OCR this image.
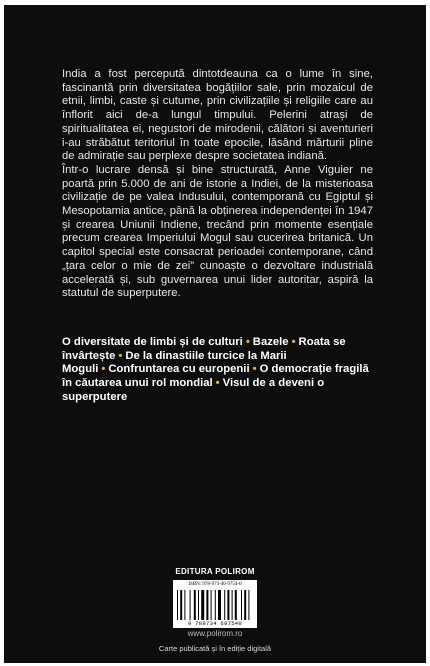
India a fost percepută dintotdeauna ca o lume în sine, fascinantă prin diversitatea bogățiilor sale, prin mozaicul de etnii, limbi, caste și cutume, prin civilizațiile și religiile care au înflorit aici de-a lungul timpului. Pelerini atrași de spiritualitatea ei, negustori de mirodenii, călători și aventurieri i-au străbătut teritoriul în toate epocile, lăsând mărturii pline de admirație sau perplexe despre societatea indiană.

Într-o lucrare densă și bine structurată, Anne Viguier ne poartă prin 5.000 de ani de istorie a Indiei, de la misterioasa civilizație de pe valea Indusului, contemporană cu Egiptul și Mesopotamia antice, până la obținerea independenței în 1947 și crearea Uniunii Indiene, trecând prin momente esențiale precum crearea Imperiului Mogul sau cucerirea britanică. Un capitol special este consacrat perioadei contemporane, când „țara celor o mie de zei” cunoaște o dezvoltare industrială accelerată și, sub guvernarea unui lider autoritar, aspiră la statutul de superputere.

O diversitate de limbi și de culturi • Bazele • Roata se învârtește • De la dinastiile turcice la Marii Moguli • Confruntarea cu europenii • O democrație fragilă în căutarea unui rol mondial • Visul de a deveni o superputere
EDITURA POLIROM
ISBN: 978-973-46-9754-0
9 789734 697540
www.polirom.ro
Carte publicată și în ediție digitală
